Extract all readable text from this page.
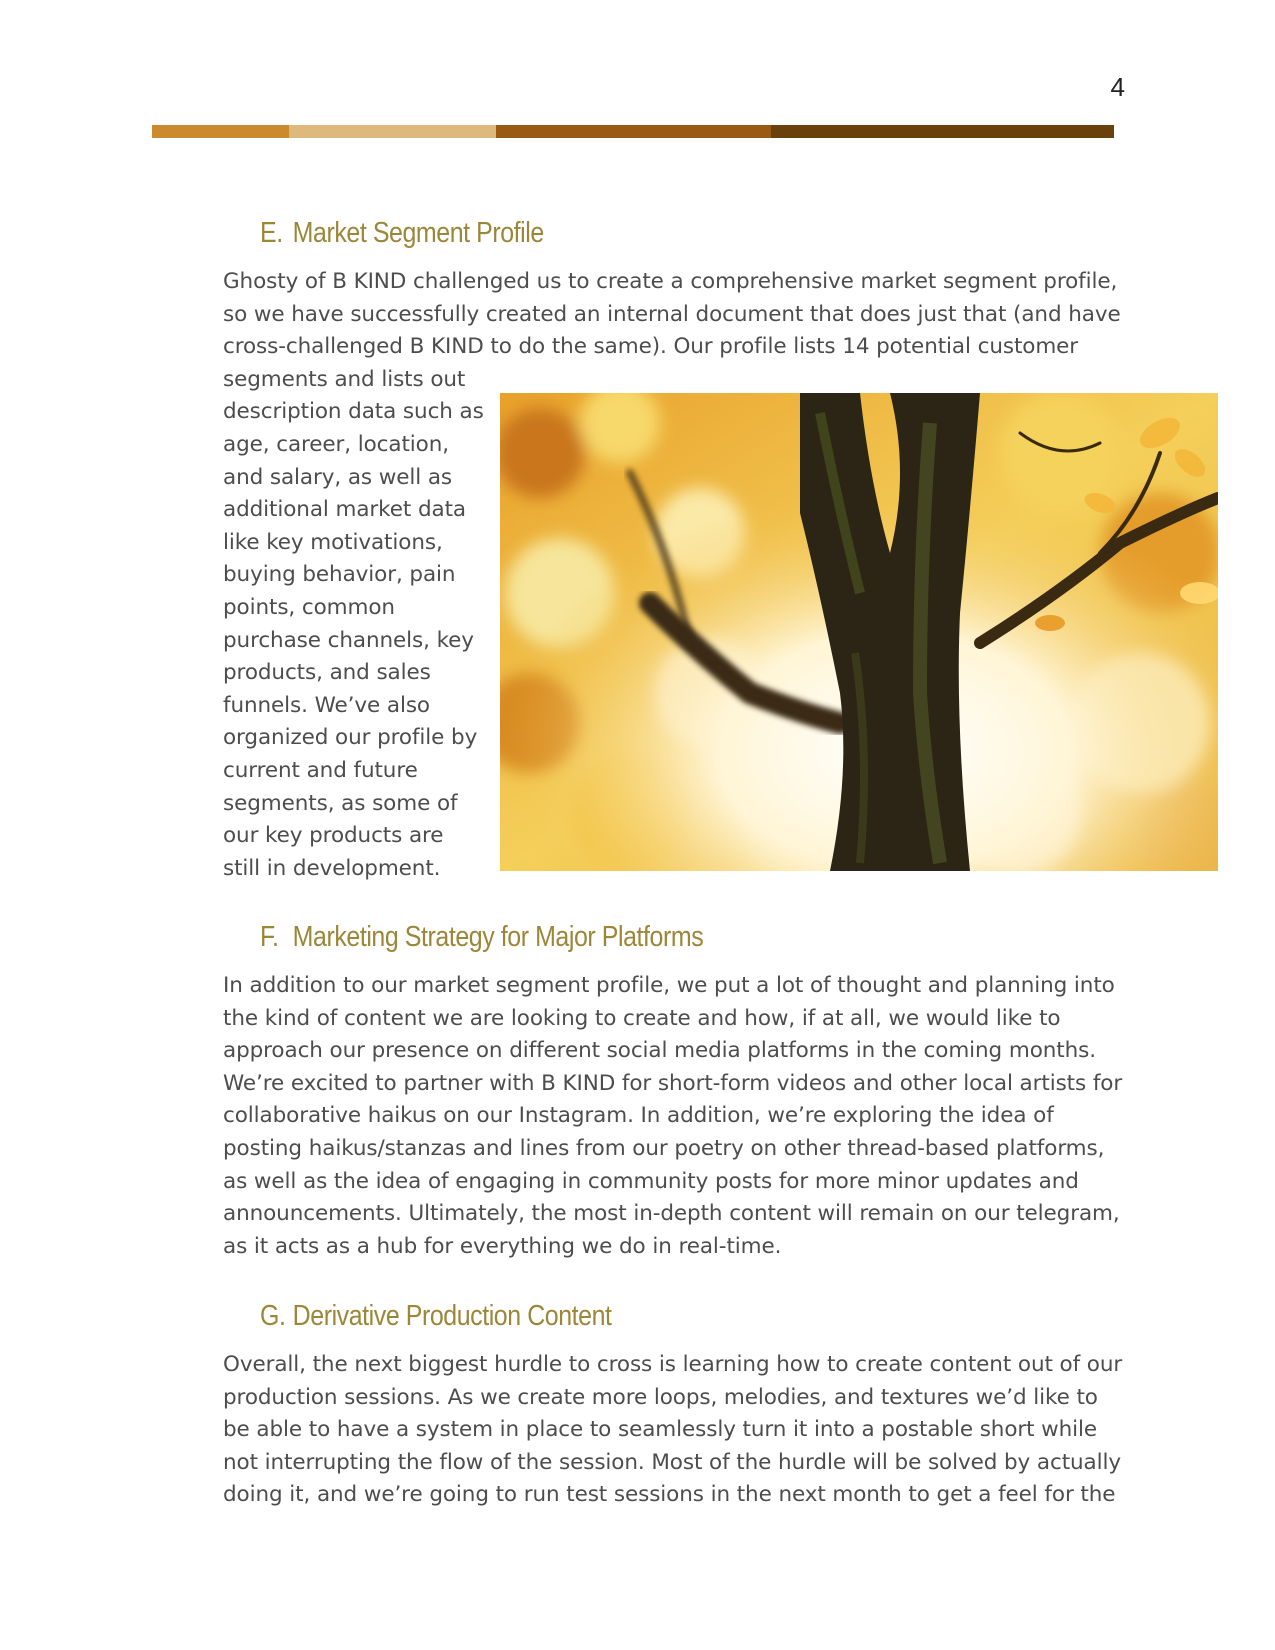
4
E. Market Segment Profile
Ghosty of B KIND challenged us to create a comprehensive market segment profile,
so we have successfully created an internal document that does just that (and have
cross-challenged B KIND to do the same). Our profile lists 14 potential customer
segments and lists out
description data such as
age, career, location,
and salary, as well as
additional market data
like key motivations,
buying behavior, pain
points, common
purchase channels, key
products, and sales
funnels. We’ve also
organized our profile by
current and future
segments, as some of
our key products are
still in development.
F. Marketing Strategy for Major Platforms
In addition to our market segment profile, we put a lot of thought and planning into
the kind of content we are looking to create and how, if at all, we would like to
approach our presence on different social media platforms in the coming months.
We’re excited to partner with B KIND for short-form videos and other local artists for
collaborative haikus on our Instagram. In addition, we’re exploring the idea of
posting haikus/stanzas and lines from our poetry on other thread-based platforms,
as well as the idea of engaging in community posts for more minor updates and
announcements. Ultimately, the most in-depth content will remain on our telegram,
as it acts as a hub for everything we do in real-time.
G. Derivative Production Content
Overall, the next biggest hurdle to cross is learning how to create content out of our
production sessions. As we create more loops, melodies, and textures we’d like to
be able to have a system in place to seamlessly turn it into a postable short while
not interrupting the flow of the session. Most of the hurdle will be solved by actually
doing it, and we’re going to run test sessions in the next month to get a feel for the
